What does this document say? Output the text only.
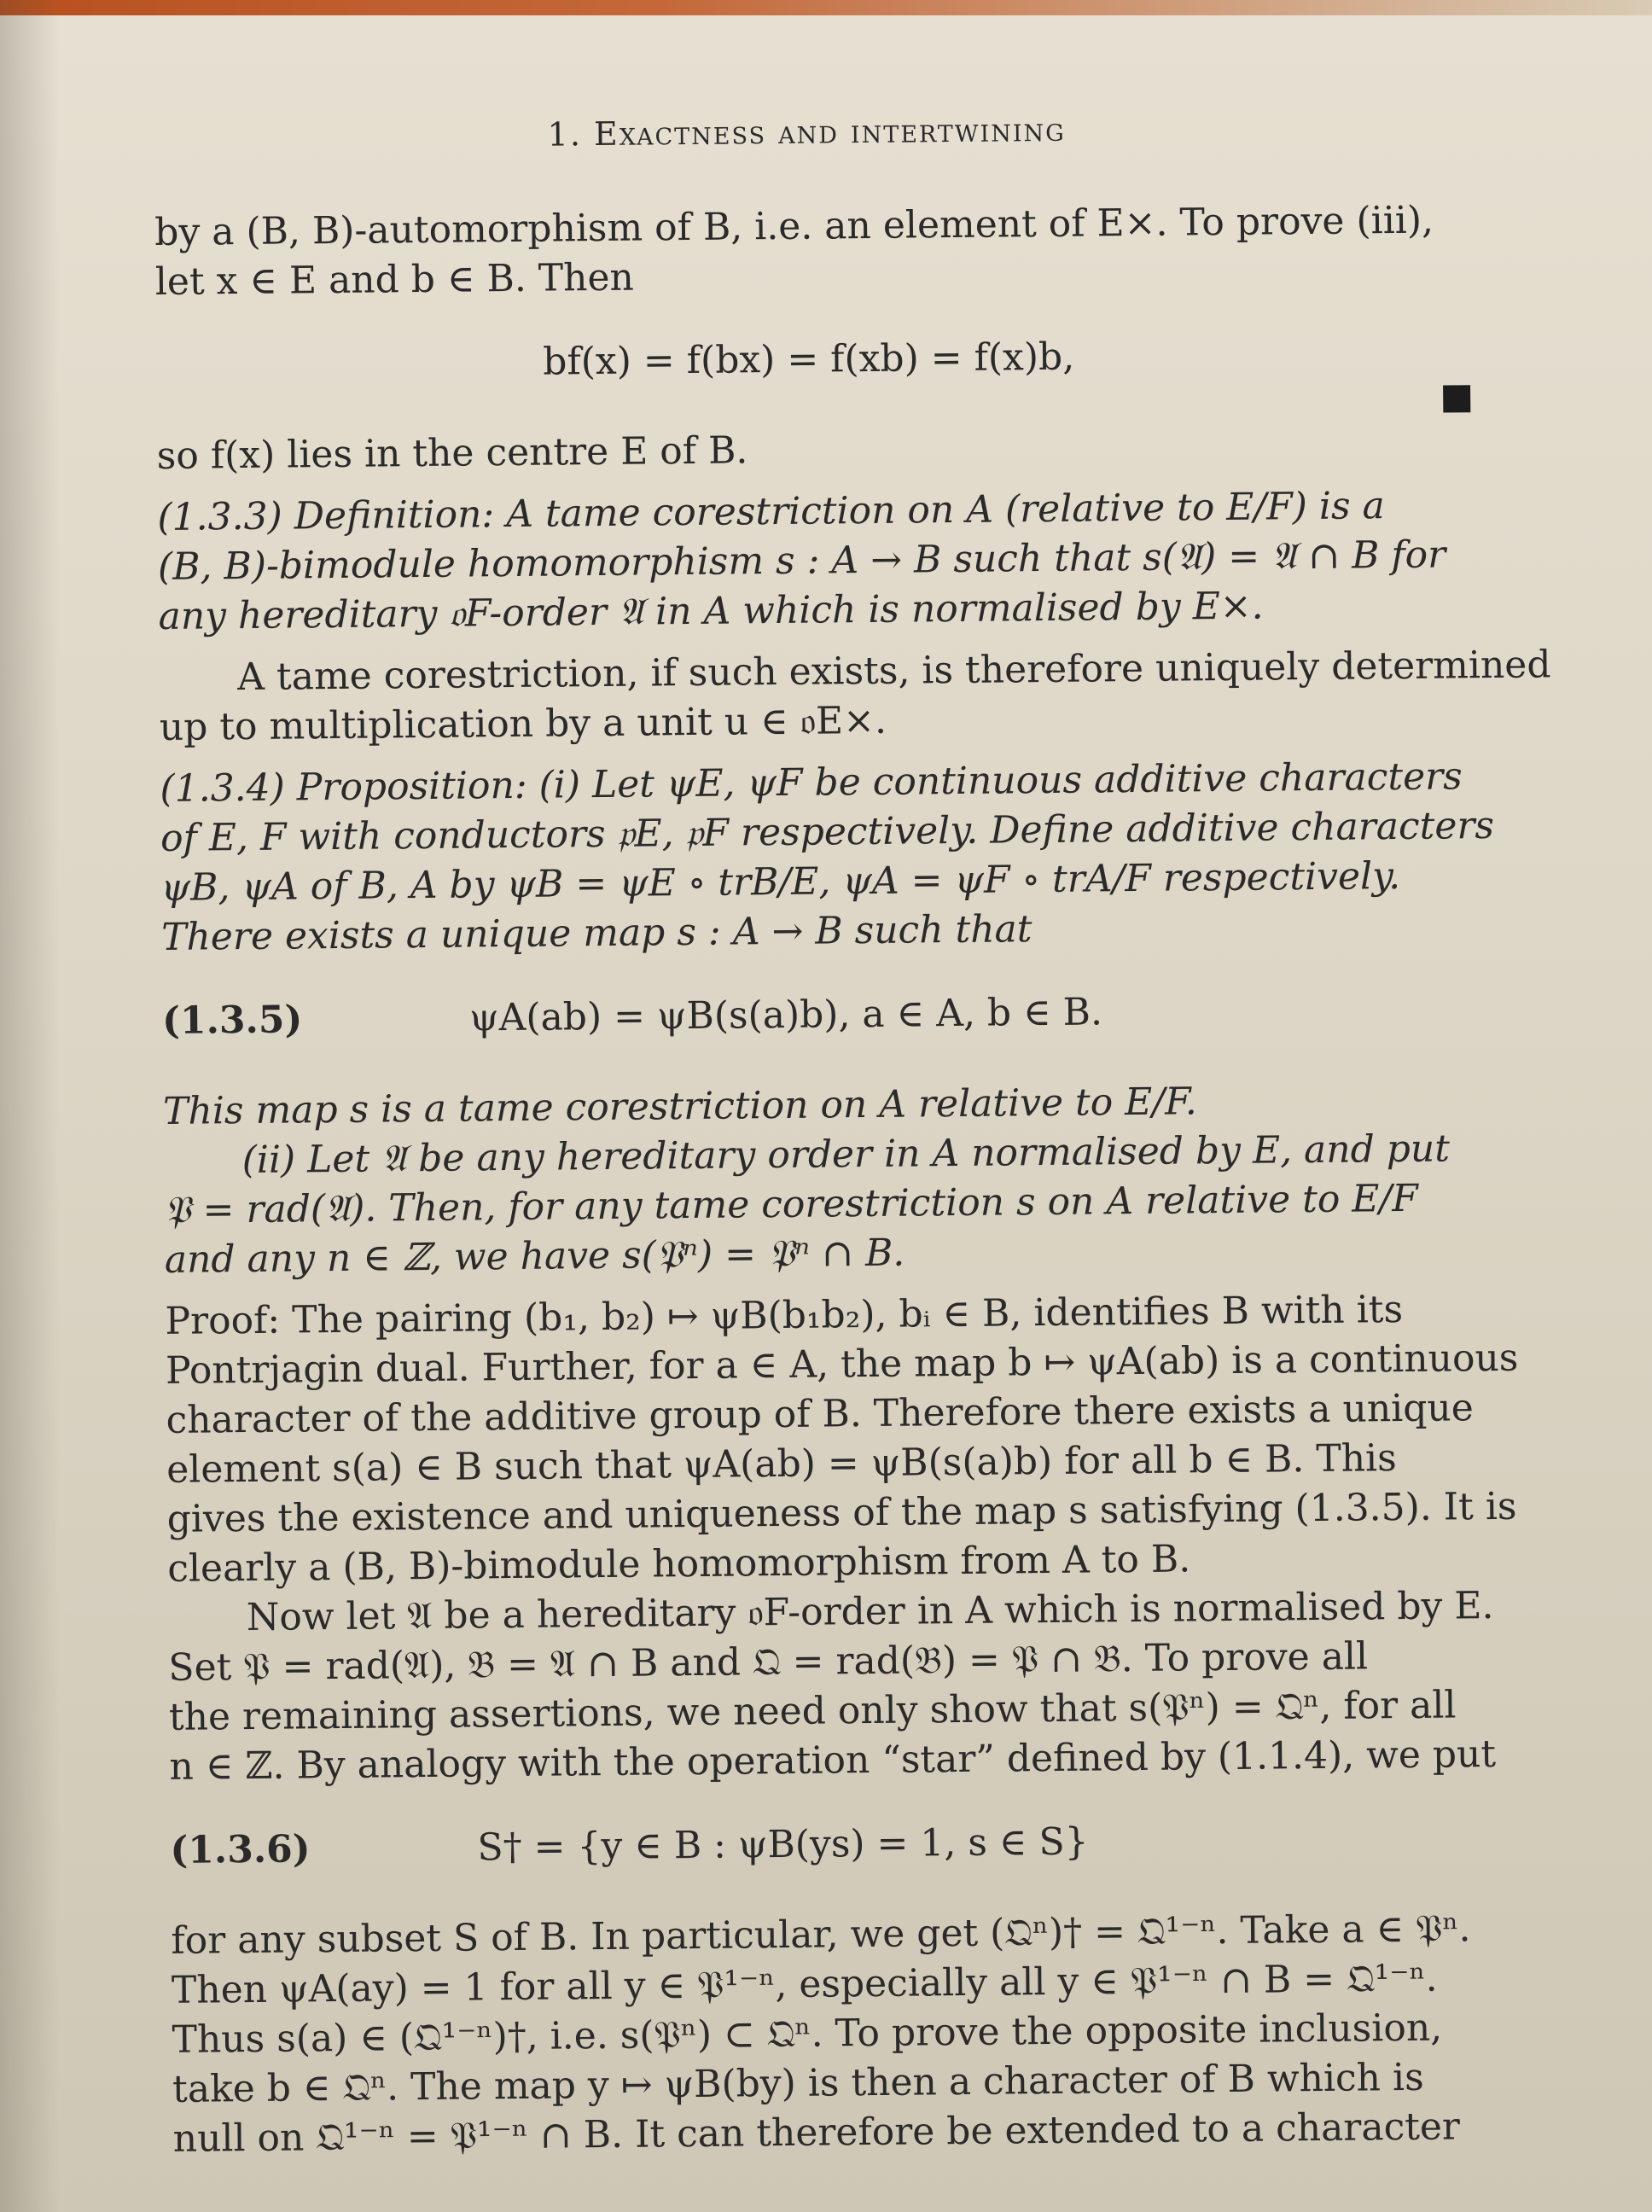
1. Exactness and intertwining

by a (B, B)-automorphism of B, i.e. an element of E×. To prove (iii),

let x ∈ E and b ∈ B. Then

bf(x) = f(bx) = f(xb) = f(x)b,

so f(x) lies in the centre E of B.

(1.3.3) Definition: A tame corestriction on A (relative to E/F) is a

(B, B)-bimodule homomorphism s : A → B such that s(𝔄) = 𝔄 ∩ B for

any hereditary 𝔬F-order 𝔄 in A which is normalised by E×.

A tame corestriction, if such exists, is therefore uniquely determined

up to multiplication by a unit u ∈ 𝔬E×.

(1.3.4) Proposition: (i) Let ψE, ψF be continuous additive characters

of E, F with conductors 𝔭E, 𝔭F respectively. Define additive characters

ψB, ψA of B, A by ψB = ψE ∘ trB/E, ψA = ψF ∘ trA/F respectively.

There exists a unique map s : A → B such that

(1.3.5)	ψA(ab) = ψB(s(a)b), a ∈ A, b ∈ B.

This map s is a tame corestriction on A relative to E/F.

(ii) Let 𝔄 be any hereditary order in A normalised by E, and put

𝔓 = rad(𝔄). Then, for any tame corestriction s on A relative to E/F

and any n ∈ ℤ, we have s(𝔓ⁿ) = 𝔓ⁿ ∩ B.

Proof: The pairing (b₁, b₂) ↦ ψB(b₁b₂), bᵢ ∈ B, identifies B with its

Pontrjagin dual. Further, for a ∈ A, the map b ↦ ψA(ab) is a continuous

character of the additive group of B. Therefore there exists a unique

element s(a) ∈ B such that ψA(ab) = ψB(s(a)b) for all b ∈ B. This

gives the existence and uniqueness of the map s satisfying (1.3.5). It is

clearly a (B, B)-bimodule homomorphism from A to B.

Now let 𝔄 be a hereditary 𝔬F-order in A which is normalised by E.

Set 𝔓 = rad(𝔄), 𝔅 = 𝔄 ∩ B and 𝔔 = rad(𝔅) = 𝔓 ∩ 𝔅. To prove all

the remaining assertions, we need only show that s(𝔓ⁿ) = 𝔔ⁿ, for all

n ∈ ℤ. By analogy with the operation “star” defined by (1.1.4), we put

(1.3.6)	S† = {y ∈ B : ψB(ys) = 1, s ∈ S}

for any subset S of B. In particular, we get (𝔔ⁿ)† = 𝔔¹⁻ⁿ. Take a ∈ 𝔓ⁿ.

Then ψA(ay) = 1 for all y ∈ 𝔓¹⁻ⁿ, especially all y ∈ 𝔓¹⁻ⁿ ∩ B = 𝔔¹⁻ⁿ.

Thus s(a) ∈ (𝔔¹⁻ⁿ)†, i.e. s(𝔓ⁿ) ⊂ 𝔔ⁿ. To prove the opposite inclusion,

take b ∈ 𝔔ⁿ. The map y ↦ ψB(by) is then a character of B which is

null on 𝔔¹⁻ⁿ = 𝔓¹⁻ⁿ ∩ B. It can therefore be extended to a character
